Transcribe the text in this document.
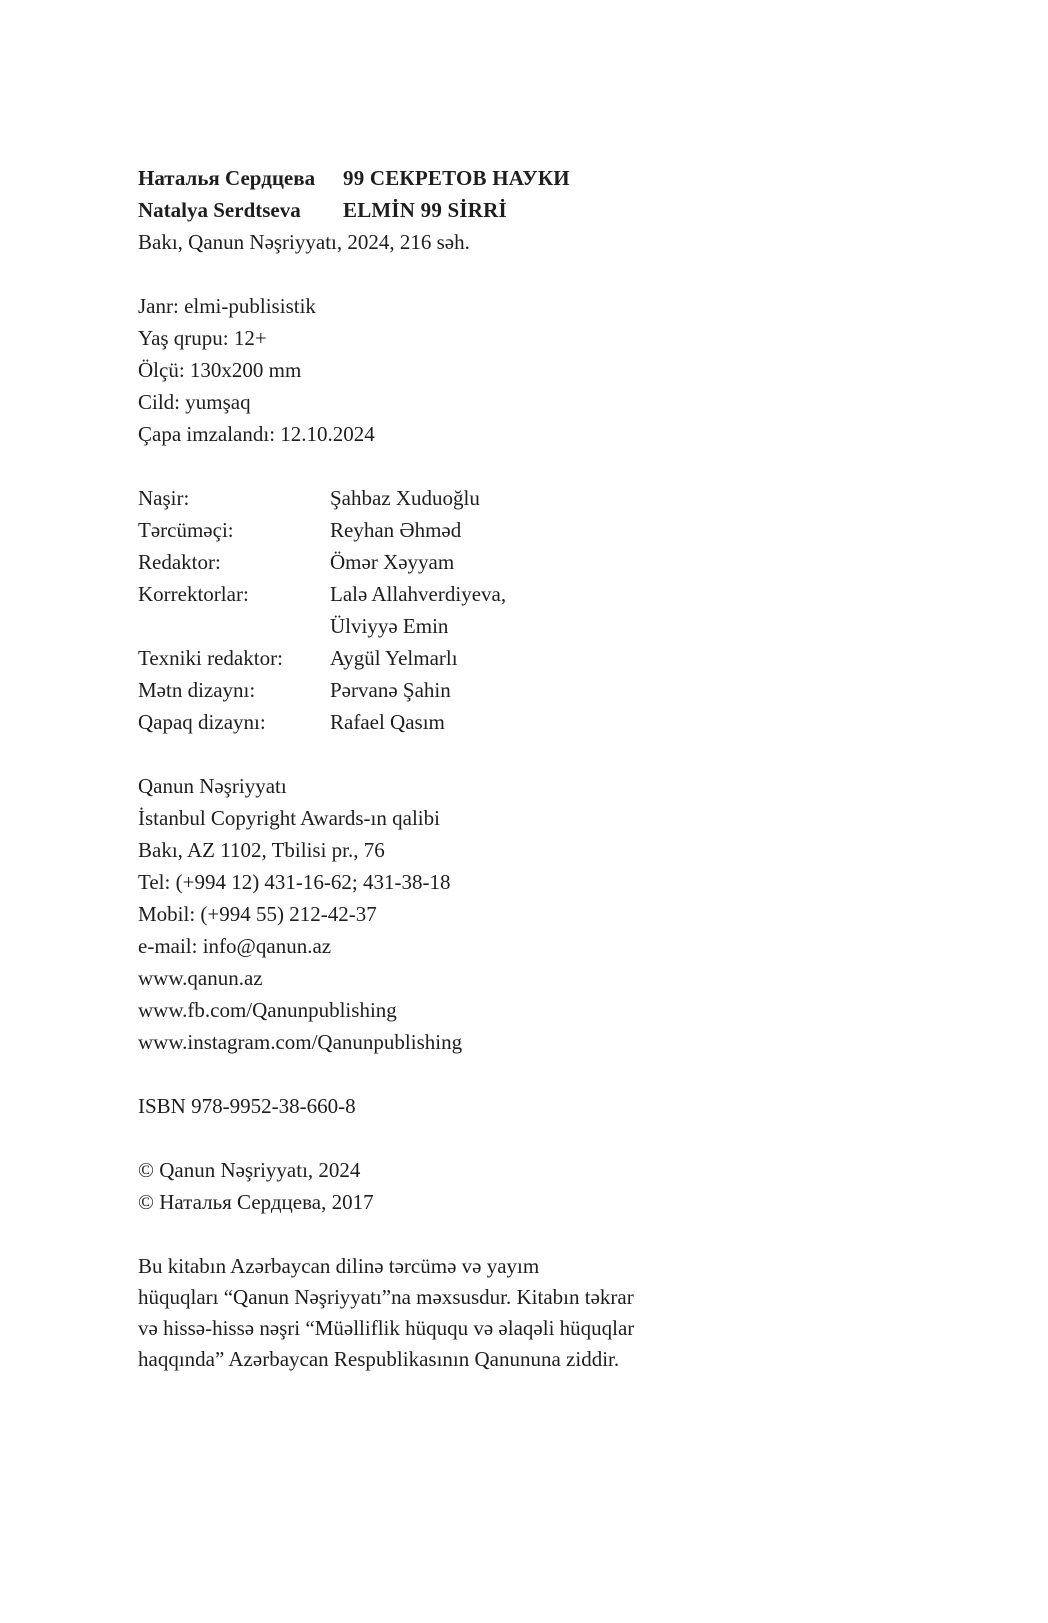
Наталья Сердцева	99 СЕКРЕТОВ НАУКИ
Natalya Serdtseva	ELMİN 99 SİRRİ
Bakı, Qanun Nəşriyyatı, 2024, 216 səh.
Janr: elmi-publisistik
Yaş qrupu: 12+
Ölçü: 130x200 mm
Cild: yumşaq
Çapa imzalandı: 12.10.2024
Naşir:	Şahbaz Xuduoğlu
Tərcüməçi:	Reyhan Əhməd
Redaktor:	Ömər Xəyyam
Korrektorlar:	Lalə Allahverdiyeva,
Ülviyyə Emin
Texniki redaktor:	Aygül Yelmarlı
Mətn dizaynı:	Pərvanə Şahin
Qapaq dizaynı:	Rafael Qasım
Qanun Nəşriyyatı
İstanbul Copyright Awards-ın qalibi
Bakı, AZ 1102, Tbilisi pr., 76
Tel: (+994 12) 431-16-62; 431-38-18
Mobil: (+994 55) 212-42-37
e-mail: info@qanun.az
www.qanun.az
www.fb.com/Qanunpublishing
www.instagram.com/Qanunpublishing
ISBN 978-9952-38-660-8
© Qanun Nəşriyyatı, 2024
© Наталья Сердцева, 2017
Bu kitabın Azərbaycan dilinə tərcümə və yayım
hüquqları “Qanun Nəşriyyatı”na məxsusdur. Kitabın təkrar
və hissə-hissə nəşri “Müəlliflik hüququ və əlaqəli hüquqlar
haqqında” Azərbaycan Respublikasının Qanununa ziddir.
